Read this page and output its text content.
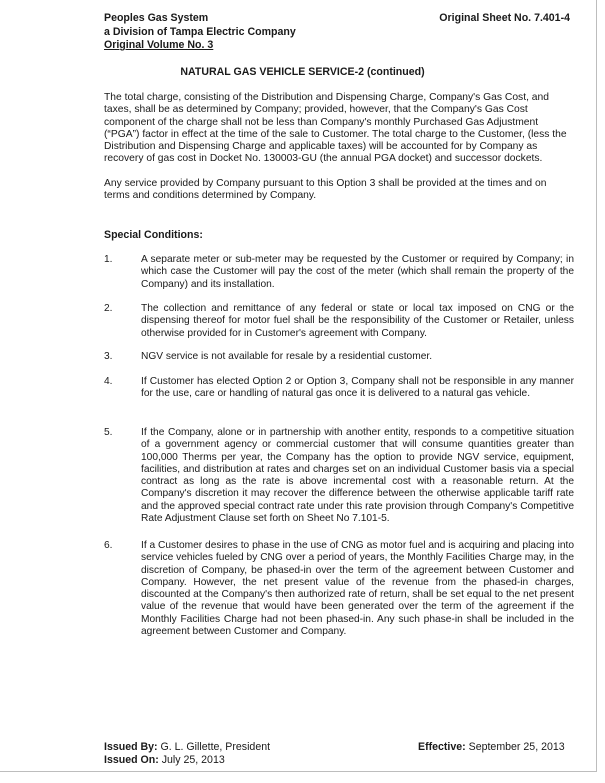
Peoples Gas System
a Division of Tampa Electric Company
Original Volume No. 3
Original Sheet No. 7.401-4
NATURAL GAS VEHICLE SERVICE-2 (continued)
The total charge, consisting of the Distribution and Dispensing Charge, Company's Gas Cost, and taxes, shall be as determined by Company; provided, however, that the Company's Gas Cost component of the charge shall not be less than Company's monthly Purchased Gas Adjustment (“PGA”) factor in effect at the time of the sale to Customer. The total charge to the Customer, (less the Distribution and Dispensing Charge and applicable taxes) will be accounted for by Company as recovery of gas cost in Docket No. 130003-GU (the annual PGA docket) and successor dockets.
Any service provided by Company pursuant to this Option 3 shall be provided at the times and on terms and conditions determined by Company.
Special Conditions:
1.	A separate meter or sub-meter may be requested by the Customer or required by Company; in which case the Customer will pay the cost of the meter (which shall remain the property of the Company) and its installation.
2.	The collection and remittance of any federal or state or local tax imposed on CNG or the dispensing thereof for motor fuel shall be the responsibility of the Customer or Retailer, unless otherwise provided for in Customer's agreement with Company.
3.	NGV service is not available for resale by a residential customer.
4.	If Customer has elected Option 2 or Option 3, Company shall not be responsible in any manner for the use, care or handling of natural gas once it is delivered to a natural gas vehicle.
5.	If the Company, alone or in partnership with another entity, responds to a competitive situation of a government agency or commercial customer that will consume quantities greater than 100,000 Therms per year, the Company has the option to provide NGV service, equipment, facilities, and distribution at rates and charges set on an individual Customer basis via a special contract as long as the rate is above incremental cost with a reasonable return. At the Company's discretion it may recover the difference between the otherwise applicable tariff rate and the approved special contract rate under this rate provision through Company's Competitive Rate Adjustment Clause set forth on Sheet No 7.101-5.
6.	If a Customer desires to phase in the use of CNG as motor fuel and is acquiring and placing into service vehicles fueled by CNG over a period of years, the Monthly Facilities Charge may, in the discretion of Company, be phased-in over the term of the agreement between Customer and Company. However, the net present value of the revenue from the phased-in charges, discounted at the Company's then authorized rate of return, shall be set equal to the net present value of the revenue that would have been generated over the term of the agreement if the Monthly Facilities Charge had not been phased-in. Any such phase-in shall be included in the agreement between Customer and Company.
Issued By: G. L. Gillette, President
Issued On: July 25, 2013
Effective: September 25, 2013
